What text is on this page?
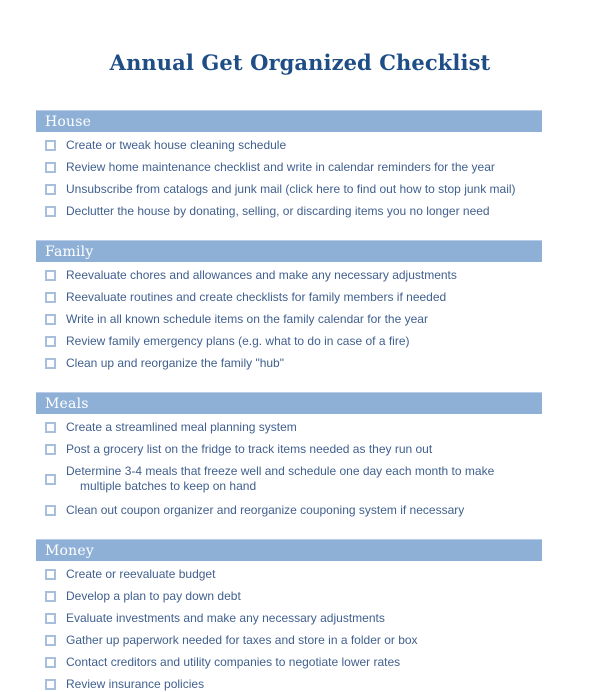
Annual Get Organized Checklist
House
Create or tweak house cleaning schedule
Review home maintenance checklist and write in calendar reminders for the year
Unsubscribe from catalogs and junk mail (click here to find out how to stop junk mail)
Declutter the house by donating, selling, or discarding items you no longer need
Family
Reevaluate chores and allowances and make any necessary adjustments
Reevaluate routines and create checklists for family members if needed
Write in all known schedule items on the family calendar for the year
Review family emergency plans (e.g. what to do in case of a fire)
Clean up and reorganize the family "hub"
Meals
Create a streamlined meal planning system
Post a grocery list on the fridge to track items needed as they run out
Determine 3-4 meals that freeze well and schedule one day each month to make
multiple batches to keep on hand
Clean out coupon organizer and reorganize couponing system if necessary
Money
Create or reevaluate budget
Develop a plan to pay down debt
Evaluate investments and make any necessary adjustments
Gather up paperwork needed for taxes and store in a folder or box
Contact creditors and utility companies to negotiate lower rates
Review insurance policies
